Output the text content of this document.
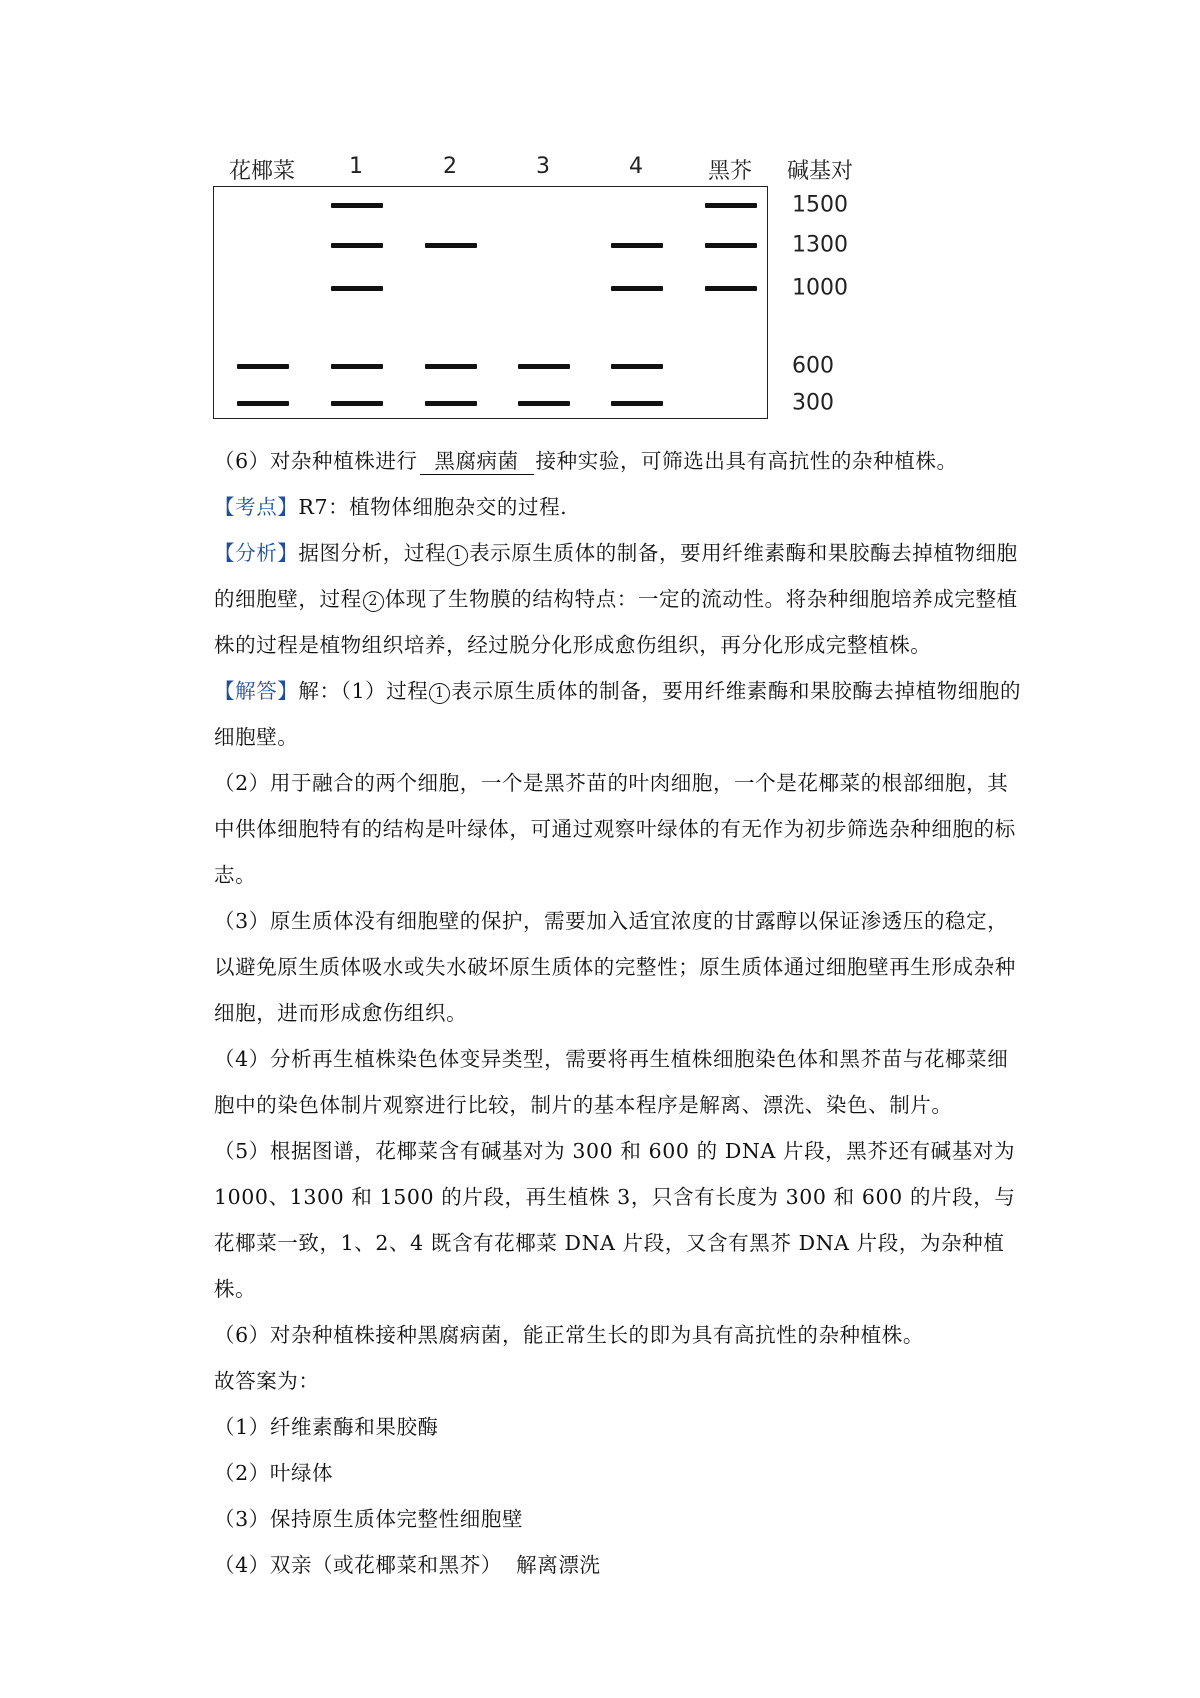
花椰菜 1	2	3	4	黑芥 碱基对
1500
1300
1000
600
300

（6）对杂种植株进行 黑腐病菌 接种实验，可筛选出具有高抗性的杂种植株。

【考点】R7：植物体细胞杂交的过程.

【分析】据图分析，过程 1 表示原生质体的制备，要用纤维素酶和果胶酶去掉植物细胞的细胞壁，过程 2 体现了生物膜的结构特点：一定的流动性。将杂种细胞培养成完整植株的过程是植物组织培养，经过脱分化形成愈伤组织，再分化形成完整植株。

【解答】解：（1）过程 1 表示原生质体的制备，要用纤维素酶和果胶酶去掉植物细胞的细胞壁。

（2）用于融合的两个细胞，一个是黑芥苗的叶肉细胞，一个是花椰菜的根部细胞，其中供体细胞特有的结构是叶绿体，可通过观察叶绿体的有无作为初步筛选杂种细胞的标志。

（3）原生质体没有细胞壁的保护，需要加入适宜浓度的甘露醇以保证渗透压的稳定，以避免原生质体吸水或失水破坏原生质体的完整性；原生质体通过细胞壁再生形成杂种细胞，进而形成愈伤组织。

（4）分析再生植株染色体变异类型，需要将再生植株细胞染色体和黑芥苗与花椰菜细胞中的染色体制片观察进行比较，制片的基本程序是解离、漂洗、染色、制片。

（5）根据图谱，花椰菜含有碱基对为 300 和 600 的 DNA 片段，黑芥还有碱基对为 1000、1300 和 1500 的片段，再生植株 3，只含有长度为 300 和 600 的片段，与花椰菜一致，1、2、4 既含有花椰菜 DNA 片段，又含有黑芥 DNA 片段，为杂种植株。

（6）对杂种植株接种黑腐病菌，能正常生长的即为具有高抗性的杂种植株。

故答案为：

（1）纤维素酶和果胶酶

（2）叶绿体

（3）保持原生质体完整性细胞壁

（4）双亲（或花椰菜和黑芥）  解离漂洗
